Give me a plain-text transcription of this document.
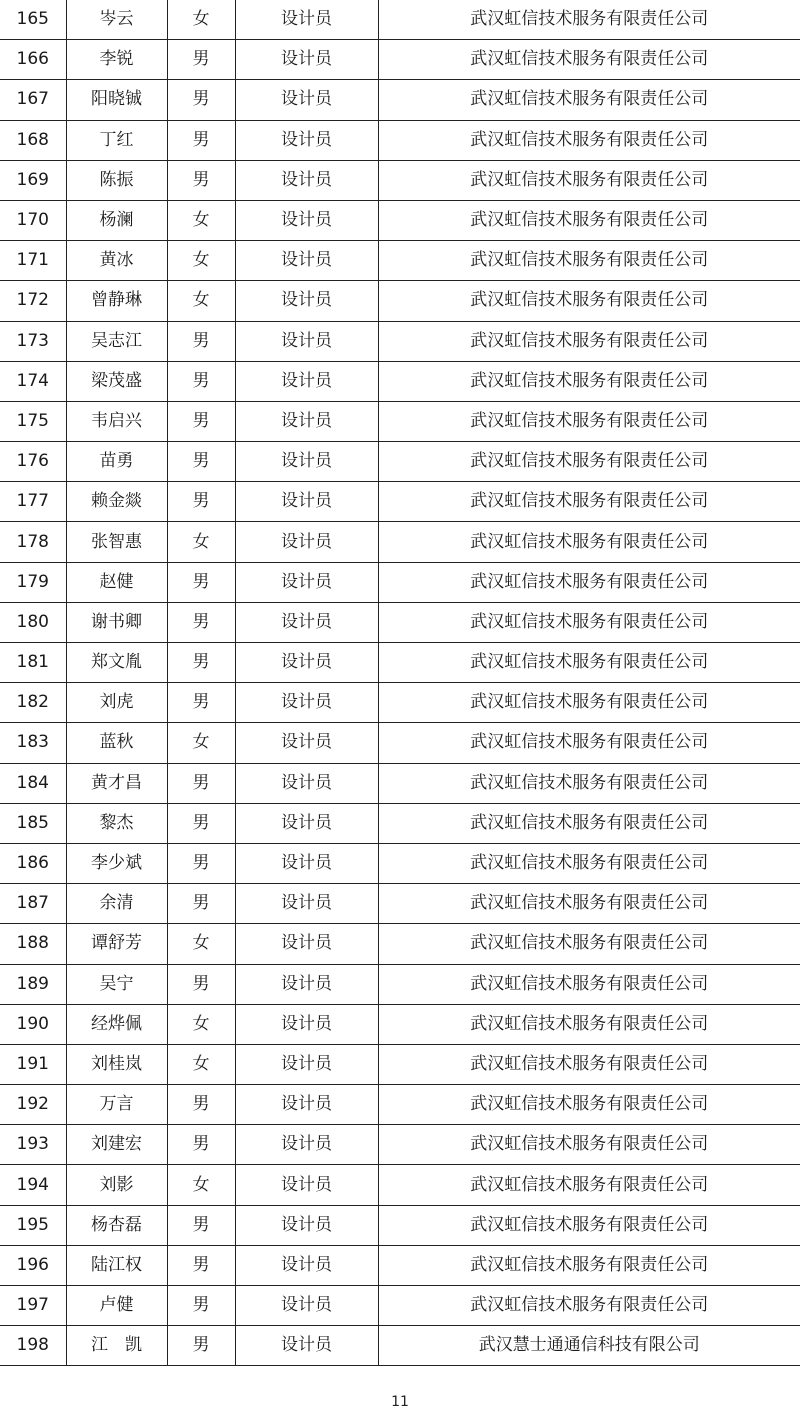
165	岑云	女	设计员	武汉虹信技术服务有限责任公司
166	李锐	男	设计员	武汉虹信技术服务有限责任公司
167	阳晓铖	男	设计员	武汉虹信技术服务有限责任公司
168	丁红	男	设计员	武汉虹信技术服务有限责任公司
169	陈振	男	设计员	武汉虹信技术服务有限责任公司
170	杨澜	女	设计员	武汉虹信技术服务有限责任公司
171	黄冰	女	设计员	武汉虹信技术服务有限责任公司
172	曾静琳	女	设计员	武汉虹信技术服务有限责任公司
173	吴志江	男	设计员	武汉虹信技术服务有限责任公司
174	梁茂盛	男	设计员	武汉虹信技术服务有限责任公司
175	韦启兴	男	设计员	武汉虹信技术服务有限责任公司
176	苗勇	男	设计员	武汉虹信技术服务有限责任公司
177	赖金燚	男	设计员	武汉虹信技术服务有限责任公司
178	张智惠	女	设计员	武汉虹信技术服务有限责任公司
179	赵健	男	设计员	武汉虹信技术服务有限责任公司
180	谢书卿	男	设计员	武汉虹信技术服务有限责任公司
181	郑文胤	男	设计员	武汉虹信技术服务有限责任公司
182	刘虎	男	设计员	武汉虹信技术服务有限责任公司
183	蓝秋	女	设计员	武汉虹信技术服务有限责任公司
184	黄才昌	男	设计员	武汉虹信技术服务有限责任公司
185	黎杰	男	设计员	武汉虹信技术服务有限责任公司
186	李少斌	男	设计员	武汉虹信技术服务有限责任公司
187	余清	男	设计员	武汉虹信技术服务有限责任公司
188	谭舒芳	女	设计员	武汉虹信技术服务有限责任公司
189	吴宁	男	设计员	武汉虹信技术服务有限责任公司
190	经烨佩	女	设计员	武汉虹信技术服务有限责任公司
191	刘桂岚	女	设计员	武汉虹信技术服务有限责任公司
192	万言	男	设计员	武汉虹信技术服务有限责任公司
193	刘建宏	男	设计员	武汉虹信技术服务有限责任公司
194	刘影	女	设计员	武汉虹信技术服务有限责任公司
195	杨杏磊	男	设计员	武汉虹信技术服务有限责任公司
196	陆江权	男	设计员	武汉虹信技术服务有限责任公司
197	卢健	男	设计员	武汉虹信技术服务有限责任公司
198	江　凯	男	设计员	武汉慧士通通信科技有限公司
11
